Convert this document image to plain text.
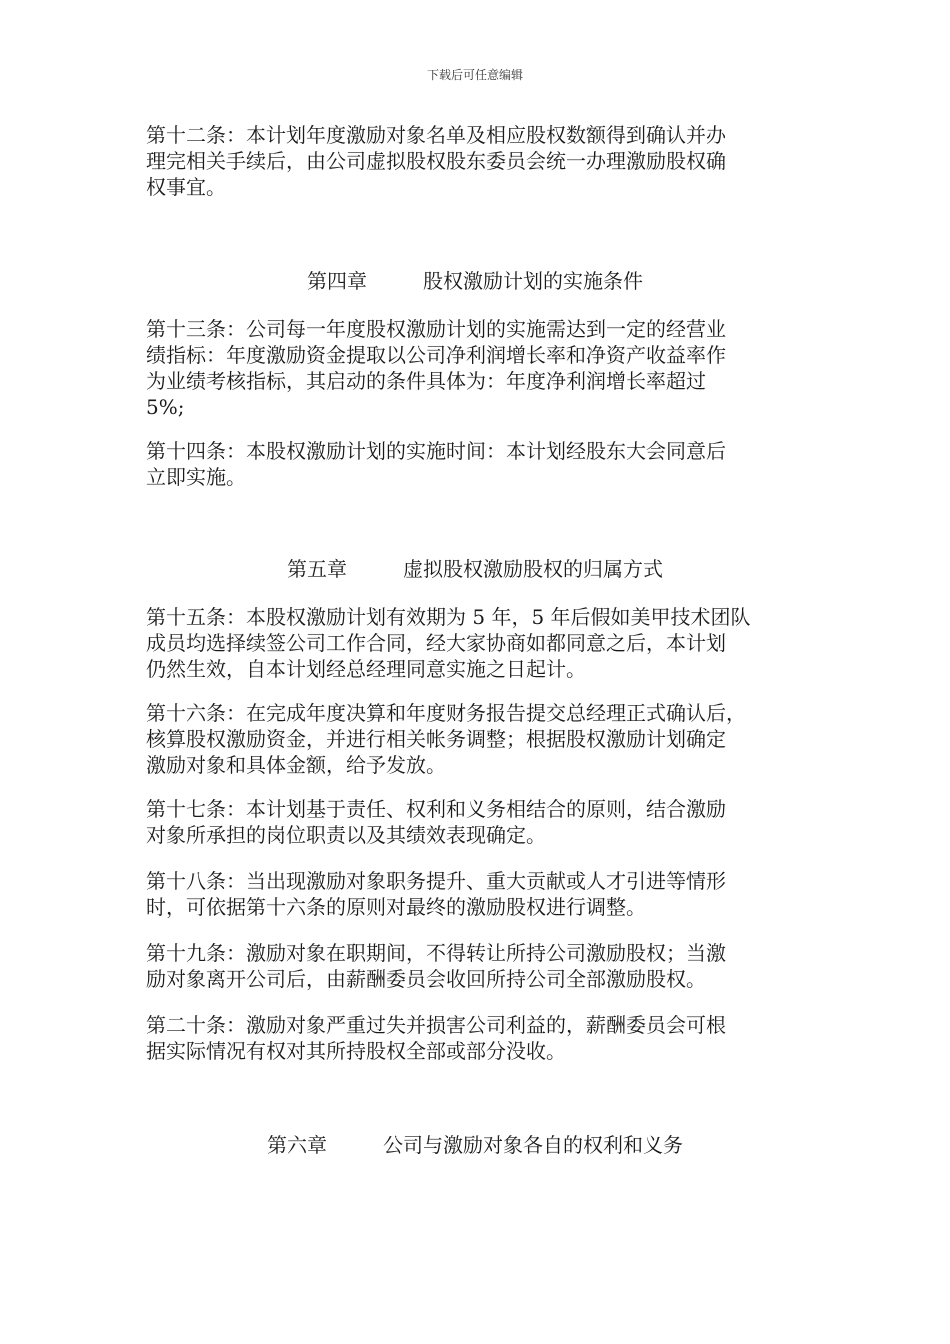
下载后可任意编辑

第十二条：本计划年度激励对象名单及相应股权数额得到确认并办
理完相关手续后，由公司虚拟股权股东委员会统一办理激励股权确
权事宜。

第四章	股权激励计划的实施条件

第十三条：公司每一年度股权激励计划的实施需达到一定的经营业
绩指标：年度激励资金提取以公司净利润增长率和净资产收益率作
为业绩考核指标，其启动的条件具体为：年度净利润增长率超过
5%;

第十四条：本股权激励计划的实施时间：本计划经股东大会同意后
立即实施。

第五章	虚拟股权激励股权的归属方式

第十五条：本股权激励计划有效期为 5 年，5 年后假如美甲技术团队
成员均选择续签公司工作合同，经大家协商如都同意之后，本计划
仍然生效，自本计划经总经理同意实施之日起计。

第十六条：在完成年度决算和年度财务报告提交总经理正式确认后，
核算股权激励资金，并进行相关帐务调整；根据股权激励计划确定
激励对象和具体金额，给予发放。

第十七条：本计划基于责任、权利和义务相结合的原则，结合激励
对象所承担的岗位职责以及其绩效表现确定。

第十八条：当出现激励对象职务提升、重大贡献或人才引进等情形
时，可依据第十六条的原则对最终的激励股权进行调整。

第十九条：激励对象在职期间，不得转让所持公司激励股权；当激
励对象离开公司后，由薪酬委员会收回所持公司全部激励股权。

第二十条：激励对象严重过失并损害公司利益的，薪酬委员会可根
据实际情况有权对其所持股权全部或部分没收。

第六章	公司与激励对象各自的权利和义务
